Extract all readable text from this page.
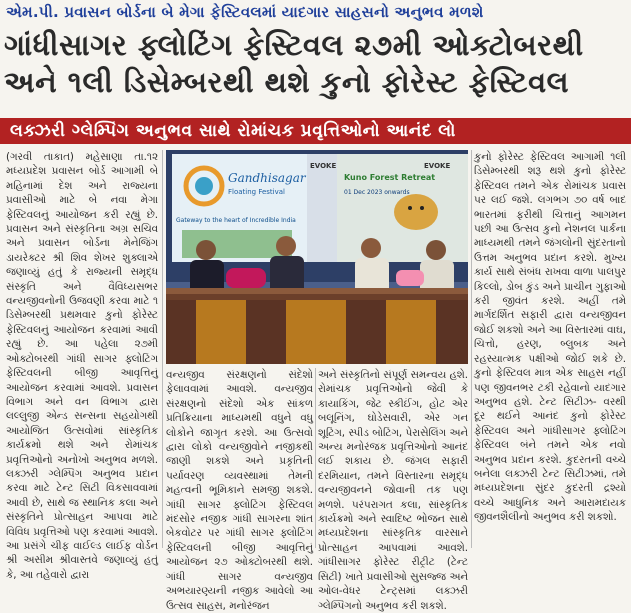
એમ.પી. પ્રવાસન બોર્ડના બે મેગા ફેસ્ટિવલમાં યાદગાર સાહસનો અનુભવ મળશે
ગાંધીસાગર ફ્લોટિંગ ફેસ્ટિવલ ૨૭મી ઓક્ટોબરથી
અને ૧લી ડિસેમ્બરથી થશે કુનો ફોરેસ્ટ ફેસ્ટિવલ
લક્ઝરી ગ્લેમ્પિંગ અનુભવ સાથે રોમાંચક પ્રવૃત્તિઓનો આનંદ લો
(ગરવી તાકાત) મહેસાણા તા.૧૨ મધ્યપ્રદેશ પ્રવાસન બોર્ડ આગામી બે મહિનામાં દેશ અને રાજ્યના પ્રવાસીઓ માટે બે નવા મેગા ફેસ્ટિવલનું આયોજન કરી રહ્યું છે. પ્રવાસન અને સંસ્કૃતિના અગ્ર સચિવ અને પ્રવાસન બોર્ડના મેનેજિંગ ડાયરેક્ટર શ્રી શિવ શેખર શુક્લાએ જણાવ્યું હતું કે રાજ્યની સમૃદ્ધ સંસ્કૃતિ અને વૈવિધ્યસભર વન્યજીવનોની ઉજવણી કરવા માટે ૧ ડિસેમ્બરથી પ્રથમવાર કુનો ફોરેસ્ટ ફેસ્ટિવલનું આયોજન કરવામાં આવી રહ્યું છે. આ પહેલા ૨૭મી ઓક્ટોબરથી ગાંધી સાગર ફ્લોટિંગ ફેસ્ટિવલની બીજી આવૃત્તિનું આયોજન કરવામાં આવશે. પ્રવાસન વિભાગ અને વન વિભાગ દ્વારા લલ્લુજી એન્ડ સન્સના સહયોગથી આયોજિત ઉત્સવોમાં સાંસ્કૃતિક કાર્યક્રમો થશે અને રોમાંચક પ્રવૃત્તિઓનો અનોખો અનુભવ મળશે. લક્ઝરી ગ્લેમ્પિંગ અનુભવ પ્રદાન કરવા માટે ટેન્ટ સિટી વિકસાવવામાં આવી છે, સાથે જ સ્થાનિક કલા અને સંસ્કૃતિને પ્રોત્સાહન આપવા માટે વિવિધ પ્રવૃત્તિઓ પણ કરવામાં આવશે. આ પ્રસંગે ચીફ વાઈલ્ડ લાઈફ વોર્ડન શ્રી અસીમ શ્રીવાસ્તવે જણાવ્યું હતું કે, આ તહેવારો દ્વારા
Gandhisagar
Floating Festival
Gateway to the heart of Incredible India
EVOKE	EVOKE
Kuno Forest Retreat
01 Dec 2023 onwards
વન્યજીવ સંરક્ષણનો સંદેશો ફેલાવવામાં આવશે. વન્યજીવ સંરક્ષણનો સંદેશો એક સાંકળ પ્રતિક્રિયાના માધ્યમથી વધુને વધુ લોકોને જાગૃત કરશે. આ ઉત્સવો દ્વારા લોકો વન્યજીવોને નજીકથી જાણી શકશે અને પ્રકૃતિની પર્યાવરણ વ્યવસ્થામાં તેમની મહત્વની ભૂમિકાને સમજી શકશે. ગાંધી સાગર ફ્લોટિંગ ફેસ્ટિવલ મંદસોર નજીક ગાંધી સાગરના શાંત બેકવોટર પર ગાંધી સાગર ફ્લોટિંગ ફેસ્ટિવલની બીજી આવૃત્તિનું આયોજન ૨૭ ઓક્ટોબરથી થશે. ગાંધી સાગર વન્યજીવ અભયારણ્યની નજીક આવેલો આ ઉત્સવ સાહસ, મનોરંજન
અને સંસ્કૃતિનો સંપૂર્ણ સમન્વય હશે. રોમાંચક પ્રવૃત્તિઓનો જેવી કે કાયાકિંગ, જેટ સ્કીઈંગ, હોટ એર બલૂનિંગ, ઘોડેસવારી, એર ગન શૂટિંગ, સ્પીડ બોટિંગ, પેરાસેલિંગ અને અન્ય મનોરંજક પ્રવૃત્તિઓનો આનંદ લઈ શકાય છે. જંગલ સફારી દરમિયાન, તમને વિસ્તારના સમૃદ્ધ વન્યજીવનને જોવાની તક પણ મળશે. પરંપરાગત કલા, સાંસ્કૃતિક કાર્યક્રમો અને સ્વાદિષ્ટ ભોજન સાથે મધ્યપ્રદેશના સાંસ્કૃતિક વારસાને પ્રોત્સાહન આપવામાં આવશે. ગાંધીસાગર ફોરેસ્ટ રીટ્રીટ (ટેન્ટ સિટી) ખાતે પ્રવાસીઓ સુસજ્જ અને ઓલ-વેધર ટેન્ટ્સમાં લક્ઝરી ગ્લેમ્પિંગનો અનુભવ કરી શકશે.
કુનો ફોરેસ્ટ ફેસ્ટિવલ આગામી ૧લી ડિસેમ્બરથી શરૂ થશે કુનો ફોરેસ્ટ ફેસ્ટિવલ તમને એક રોમાંચક પ્રવાસ પર લઈ જશે. લગભગ ૭૦ વર્ષ બાદ ભારતમાં ફરીથી ચિત્તાનું આગમન પછી આ ઉત્સવ કુનો નેશનલ પાર્કના માધ્યમથી તમને જંગલોની સુંદરતાનો ઉત્તમ અનુભવ પ્રદાન કરશે. મુખ્ય કાર્ય સાથે સંબંધ રાખવા વાળા પાલપુર કિલ્લો, ડોબ કુંડ અને પ્રાચીન ગુફાઓ કરી જીવંત કરશે. અહીં તમે માર્ગદર્શિત સફારી દ્વારા વન્યજીવન જોઈ શકશો અને આ વિસ્તારમાં વાઘ, ચિત્તો, હરણ, બ્લુબક અને રહસ્યાત્મક પક્ષીઓ જોઈ શકે છે. કુનો ફેસ્ટિવલ માત્ર એક સાહસ નહીં પણ જીવનભર ટકી રહેવાનો યાદગાર અનુભવ હશે. ટેન્ટ સિટીઝ- વરથી દૂર થઈને આનંદ કુનો ફોરેસ્ટ ફેસ્ટિવલ અને ગાંધીસાગર ફ્લોટિંગ ફેસ્ટિવલ બંને તમને એક નવો અનુભવ પ્રદાન કરશે. કુદરતની વચ્ચે બનેલા લક્ઝરી ટેન્ટ સિટીઝમાં, તમે મધ્યપ્રદેશના સુંદર કુદરતી દ્રશ્યો વચ્ચે આધુનિક અને આરામદાયક જીવનશૈલીનો અનુભવ કરી શકશો.
